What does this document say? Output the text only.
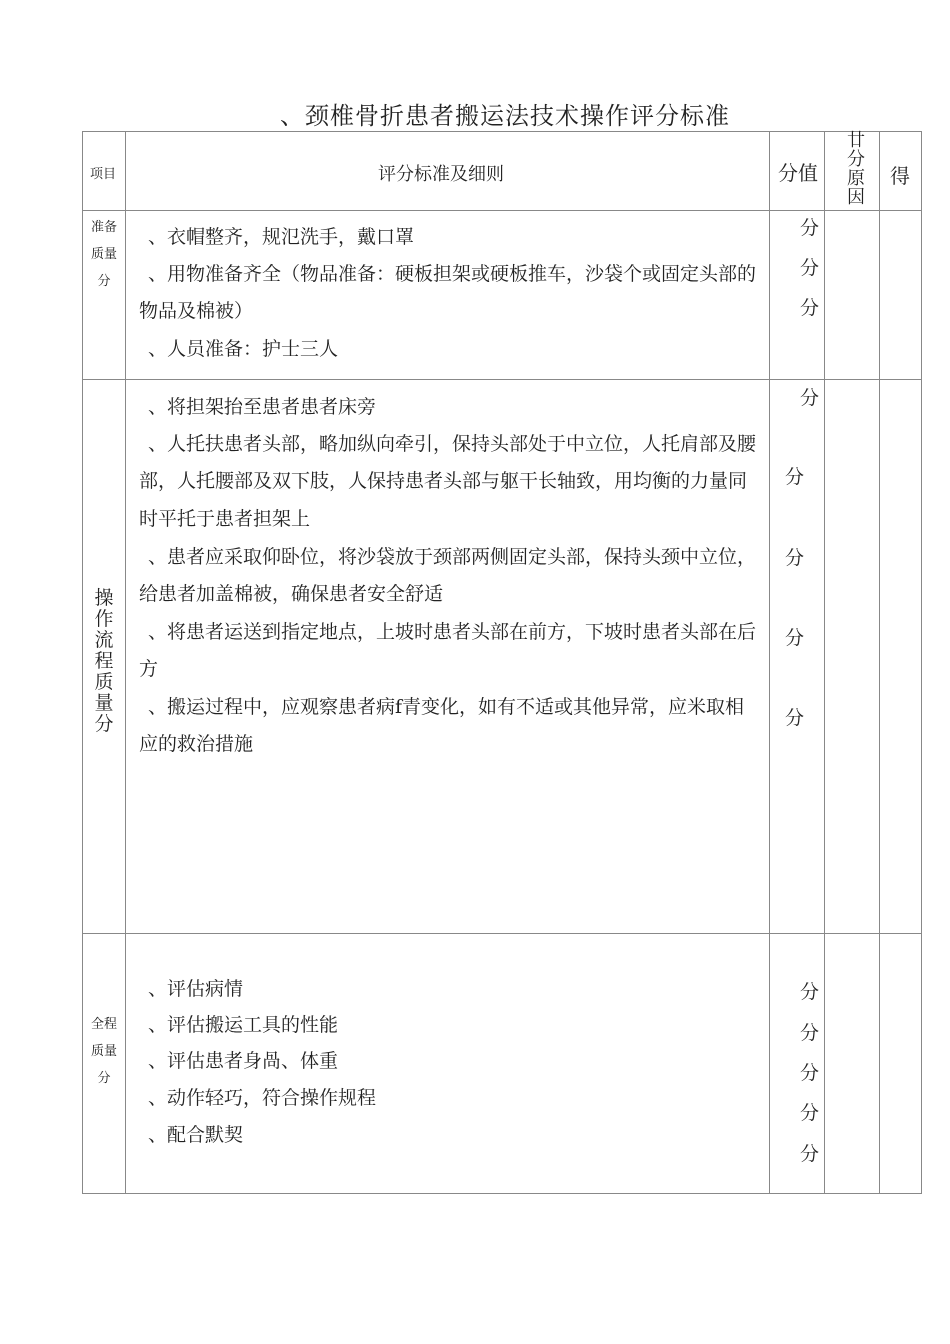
、颈椎骨折患者搬运法技术操作评分标准
项目	评分标准及细则	分值
廿
分
原
因
得
准备
质量
分
、衣帽整齐，规氾洗手，戴口罩
、用物准备齐全（物品准备：硬板担架或硬板推车，沙袋个或固定头部的
物品及棉被）
、人员准备：护士三人
分
分
分
操
作
流
程
质
量
分
、将担架抬至患者患者床旁
、人托扶患者头部，略加纵向牵引，保持头部处于中立位，人托肩部及腰
部，人托腰部及双下肢，人保持患者头部与躯干长轴致，用均衡的力量同
时平托于患者担架上
、患者应采取仰卧位，将沙袋放于颈部两侧固定头部，保持头颈中立位，
给患者加盖棉被，确保患者安全舒适
、将患者运送到指定地点，上坡时患者头部在前方，下坡时患者头部在后
方
、搬运过程中，应观察患者病f青变化，如有不适或其他异常，应米取相
应的救治措施
分
分
分
分
分
全程
质量
分
、评估病情
、评估搬运工具的性能
、评估患者身咼、体重
、动作轻巧，符合操作规程
、配合默契
分
分
分
分
分
